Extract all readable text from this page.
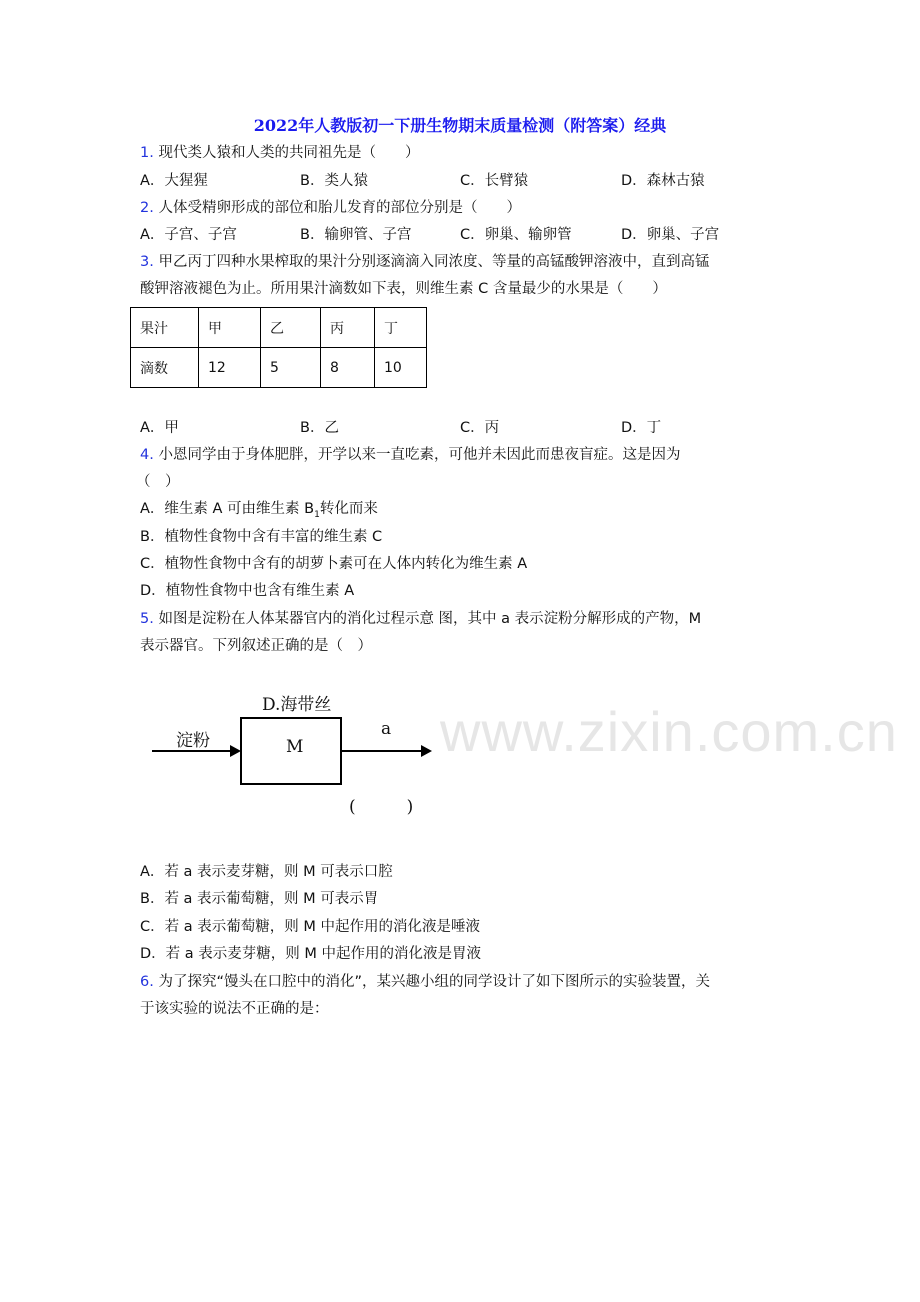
www.zixin.com.cn
2022年人教版初一下册生物期末质量检测（附答案）经典
1. 现代类人猿和人类的共同祖先是（　　）
A．大猩猩	B．类人猿	C．长臂猿	D．森林古猿
2. 人体受精卵形成的部位和胎儿发育的部位分别是（　　）
A．子宫、子宫	B．输卵管、子宫	C．卵巢、输卵管	D．卵巢、子宫
3. 甲乙丙丁四种水果榨取的果汁分别逐滴滴入同浓度、等量的高锰酸钾溶液中，直到高锰
酸钾溶液褪色为止。所用果汁滴数如下表，则维生素 C 含量最少的水果是（　　）
果汁	甲	乙	丙	丁
滴数	12	5	8	10
A．甲	B．乙	C．丙	D．丁
4. 小恩同学由于身体肥胖，开学以来一直吃素，可他并未因此而患夜盲症。这是因为
（　）
A．维生素 A 可由维生素 $B_1$转化而来
B．植物性食物中含有丰富的维生素 C
C．植物性食物中含有的胡萝卜素可在人体内转化为维生素 A
D．植物性食物中也含有维生素 A
5. 如图是淀粉在人体某器官内的消化过程示意 图，其中 a 表示淀粉分解形成的产物，M
表示器官。下列叙述正确的是（　）
D.海带丝
淀粉	M
a
(　　　)
A．若 a 表示麦芽糖，则 M 可表示口腔
B．若 a 表示葡萄糖，则 M 可表示胃
C．若 a 表示葡萄糖，则 M 中起作用的消化液是唾液
D．若 a 表示麦芽糖，则 M 中起作用的消化液是胃液
6. 为了探究“馒头在口腔中的消化”，某兴趣小组的同学设计了如下图所示的实验装置，关
于该实验的说法不正确的是：
